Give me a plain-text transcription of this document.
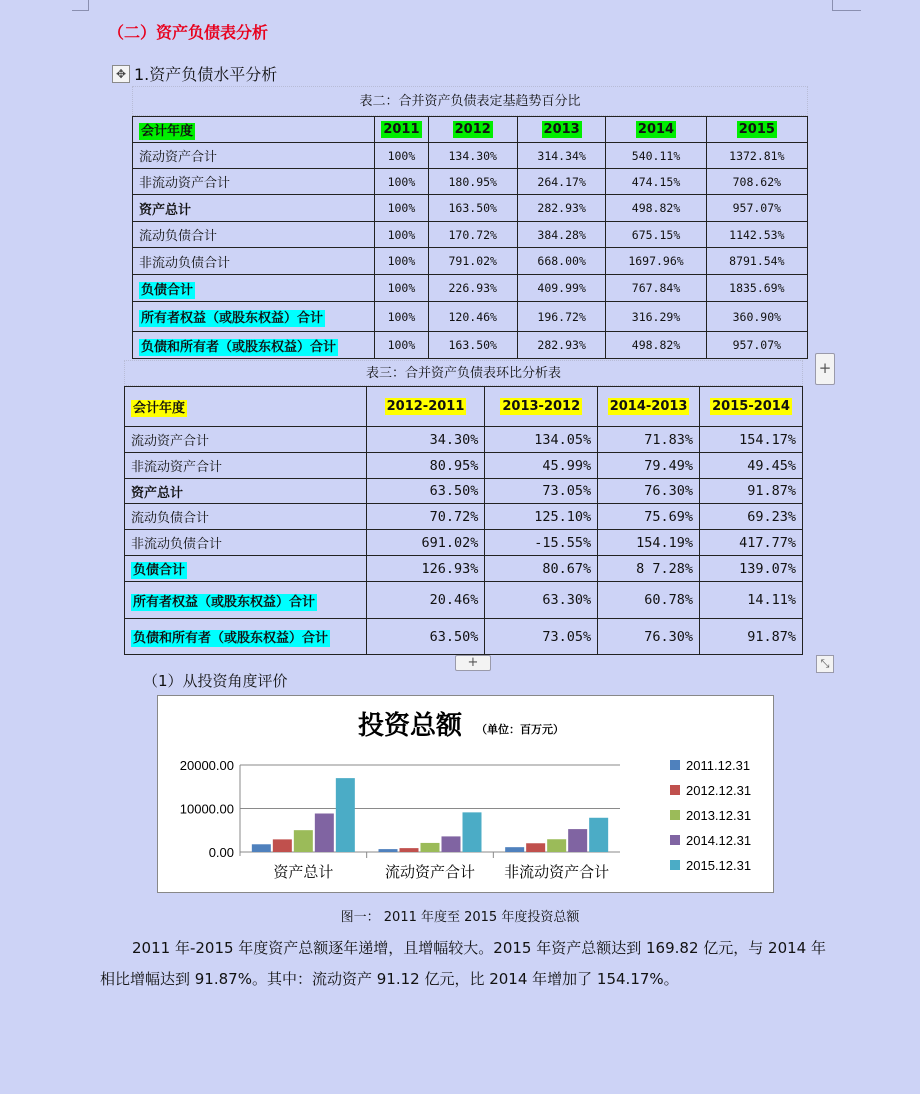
（二）资产负债表分析
✥ 1.资产负债水平分析
表二：合并资产负债表定基趋势百分比
会计年度	2011	2012	2013	2014	2015
流动资产合计	100%	134.30%	314.34%	540.11%	1372.81%
非流动资产合计	100%	180.95%	264.17%	474.15%	708.62%
资产总计	100%	163.50%	282.93%	498.82%	957.07%
流动负债合计	100%	170.72%	384.28%	675.15%	1142.53%
非流动负债合计	100%	791.02%	668.00%	1697.96%	8791.54%
负债合计	100%	226.93%	409.99%	767.84%	1835.69%
所有者权益（或股东权益）合计	100%	120.46%	196.72%	316.29%	360.90%
负债和所有者（或股东权益）合计	100%	163.50%	282.93%	498.82%	957.07%
+
表三：合并资产负债表环比分析表
会计年度	2012-2011	2013-2012	2014-2013	2015-2014
流动资产合计	34.30%	134.05%	71.83%	154.17%
非流动资产合计	80.95%	45.99%	79.49%	49.45%
资产总计	63.50%	73.05%	76.30%	91.87%
流动负债合计	70.72%	125.10%	75.69%	69.23%
非流动负债合计	691.02%	-15.55%	154.19%	417.77%
负债合计	126.93%	80.67%	8 7.28%	139.07%
所有者权益（或股东权益）合计	20.46%	63.30%	60.78%	14.11%
负债和所有者（或股东权益）合计	63.50%	73.05%	76.30%	91.87%
+	⤡
（1）从投资角度评价
投资总额 （单位：百万元）
0.00
10000.00
20000.00
资产总计	流动资产合计 非流动资产合计
2011.12.31
2012.12.31
2013.12.31
2014.12.31
2015.12.31
图一： 2011 年度至 2015 年度投资总额
2011 年-2015 年度资产总额逐年递增，且增幅较大。2015 年资产总额达到 169.82 亿元，与 2014 年相比增幅达到 91.87%。其中：流动资产 91.12 亿元，比 2014 年增加了 154.17%。
